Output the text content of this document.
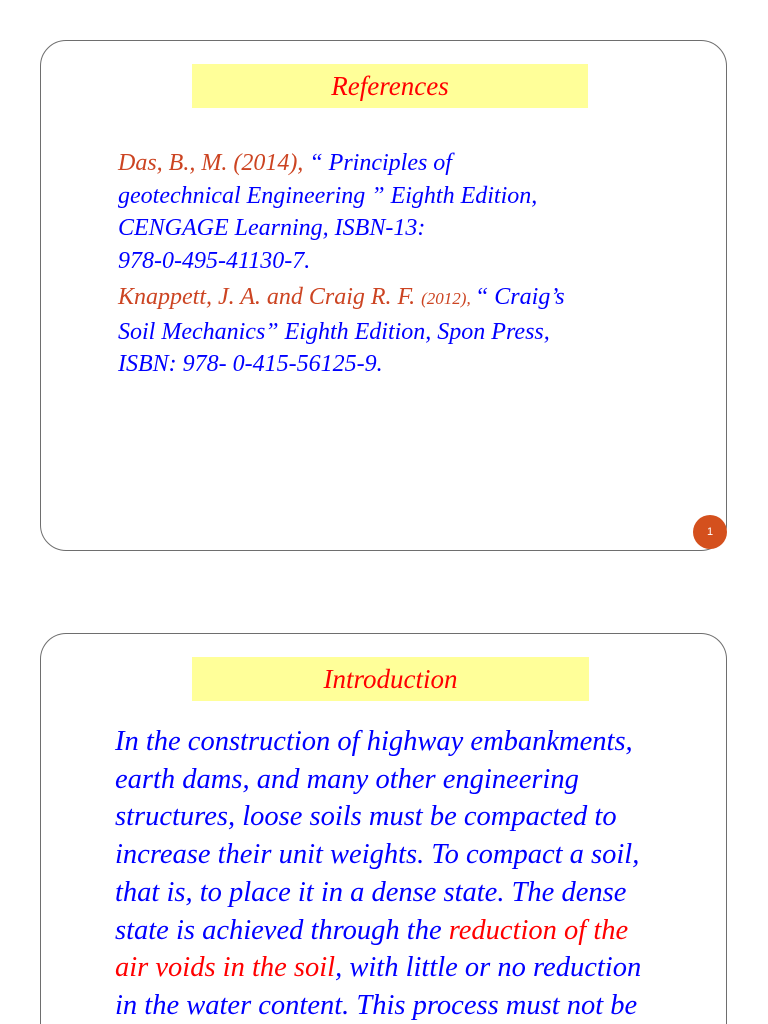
References
Das, B., M. (2014), “ Principles of
geotechnical Engineering ” Eighth Edition,
CENGAGE Learning, ISBN-13:
978-0-495-41130-7.
Knappett, J. A. and Craig R. F. (2012), “ Craig’s
Soil Mechanics” Eighth Edition, Spon Press,
ISBN: 978- 0-415-56125-9.
1
Introduction

In the construction of highway embankments,
earth dams, and many other engineering
structures, loose soils must be compacted to
increase their unit weights. To compact a soil,
that is, to place it in a dense state. The dense
state is achieved through the reduction of the
air voids in the soil, with little or no reduction
in the water content. This process must not be
